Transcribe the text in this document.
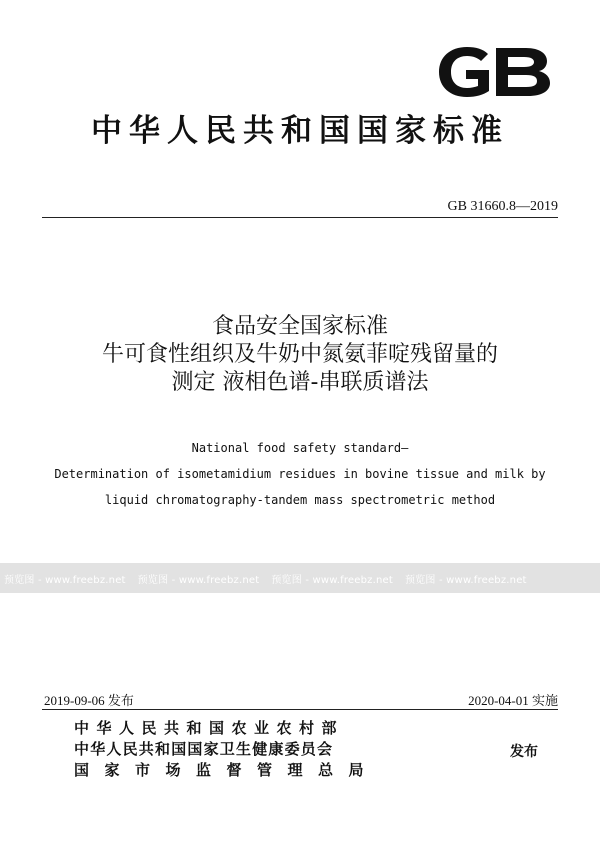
中华人民共和国国家标准
GB 31660.8—2019
食品安全国家标准
牛可食性组织及牛奶中氮氨菲啶残留量的
测定 液相色谱-串联质谱法
National food safety standard—
Determination of isometamidium residues in bovine tissue and milk by
liquid chromatography-tandem mass spectrometric method
预览图 - www.freebz.net 预览图 - www.freebz.net 预览图 - www.freebz.net 预览图 - www.freebz.net
2019-09-06 发布	2020-04-01 实施
中华人民共和国农业农村部
中华人民共和国国家卫生健康委员会
国家市场监督管理总局
发布
